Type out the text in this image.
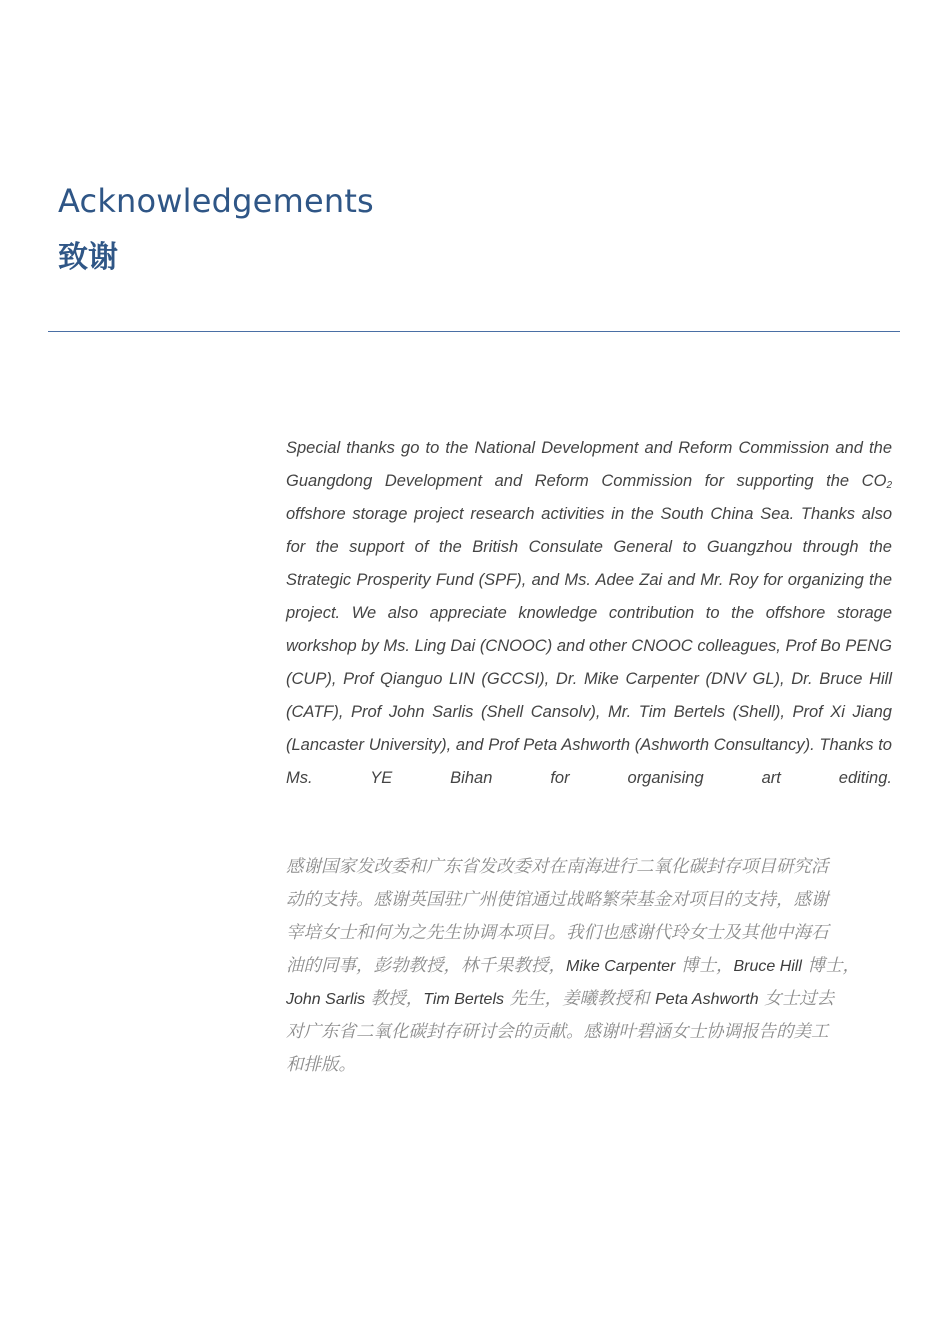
Acknowledgements
致谢

Special thanks go to the National Development and Reform Commission and the Guangdong Development and Reform Commission for supporting the $CO_2$ offshore storage project research activities in the South China Sea. Thanks also for the support of the British Consulate General to Guangzhou through the Strategic Prosperity Fund (SPF), and Ms. Adee Zai and Mr. Roy for organizing the project. We also appreciate knowledge contribution to the offshore storage workshop by Ms. Ling Dai (CNOOC) and other CNOOC colleagues, Prof Bo PENG (CUP), Prof Qianguo LIN (GCCSI), Dr. Mike Carpenter (DNV GL), Dr. Bruce Hill (CATF), Prof John Sarlis (Shell Cansolv), Mr. Tim Bertels (Shell), Prof Xi Jiang (Lancaster University), and Prof Peta Ashworth (Ashworth Consultancy). Thanks to Ms. YE Bihan for organising art editing.

感谢国家发改委和广东省发改委对在南海进行二氧化碳封存项目研究活
动的支持。感谢英国驻广州使馆通过战略繁荣基金对项目的支持，感谢
宰培女士和何为之先生协调本项目。我们也感谢代玲女士及其他中海石
油的同事，彭勃教授，林千果教授，Mike Carpenter 博士，Bruce Hill 博士，
John Sarlis 教授，Tim Bertels 先生，姜曦教授和 Peta Ashworth 女士过去
对广东省二氧化碳封存研讨会的贡献。感谢叶碧涵女士协调报告的美工
和排版。
